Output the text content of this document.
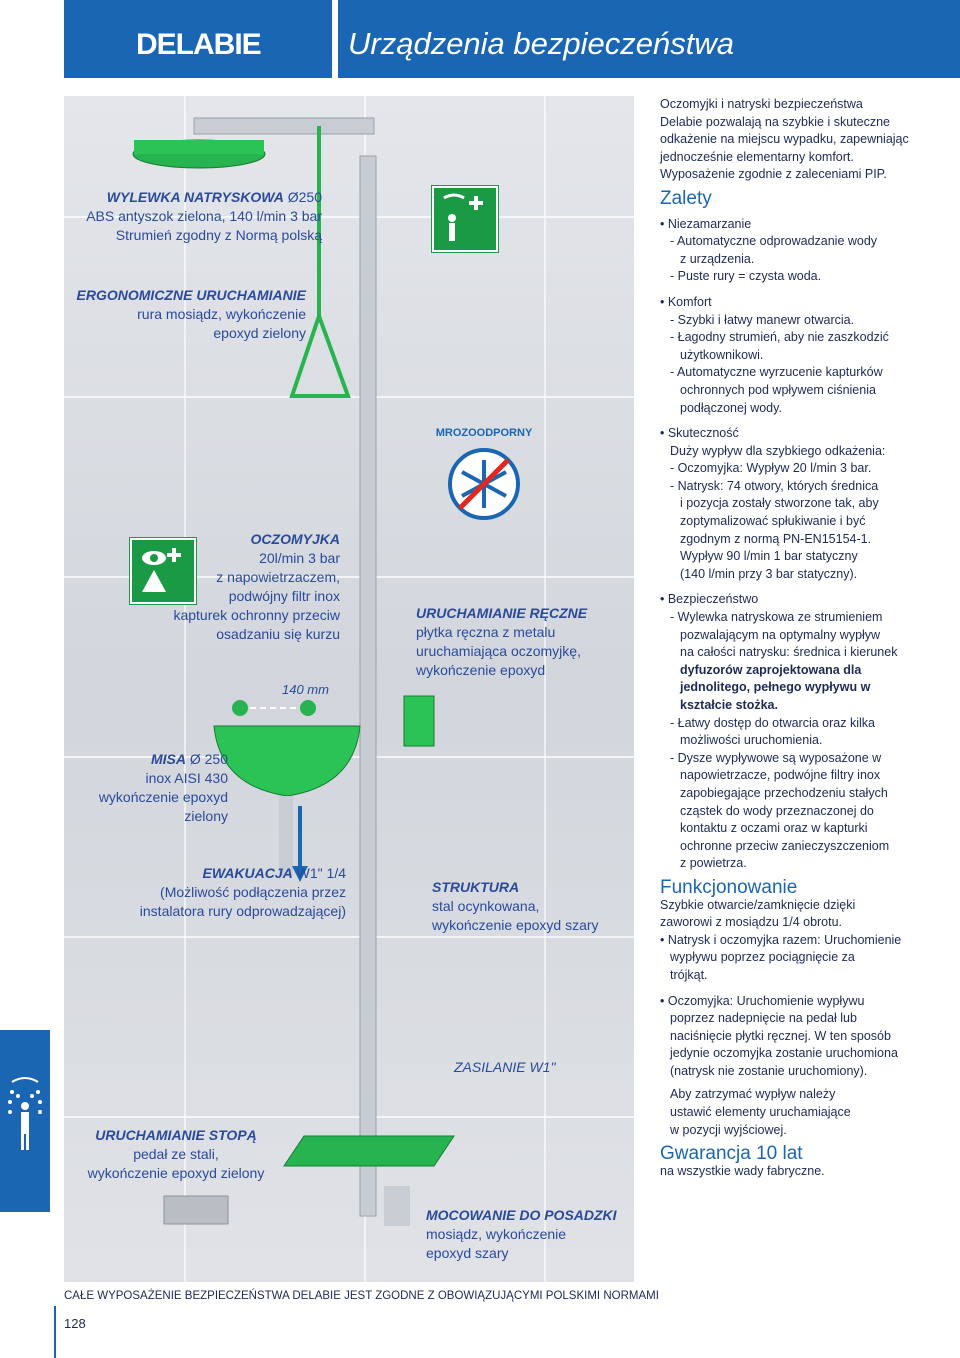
DELABIE	Urządzenia bezpieczeństwa
MROZOODPORNY
WYLEWKA NATRYSKOWA Ø250
ABS antyszok zielona, 140 l/min 3 bar
Strumień zgodny z Normą polską
ERGONOMICZNE URUCHAMIANIE
rura mosiądz, wykończenie
epoxyd zielony
OCZOMYJKA
20l/min 3 bar
z napowietrzaczem,
podwójny filtr inox
kapturek ochronny przeciw
osadzaniu się kurzu
140 mm
MISA Ø 250
inox AISI 430
wykończenie epoxyd
zielony
EWAKUACJA W1" 1/4
(Możliwość podłączenia przez
instalatora rury odprowadzającej)
URUCHAMIANIE STOPĄ
pedał ze stali,
wykończenie epoxyd zielony
URUCHAMIANIE RĘCZNE
płytka ręczna z metalu
uruchamiająca oczomyjkę,
wykończenie epoxyd
STRUKTURA
stal ocynkowana,
wykończenie epoxyd szary
ZASILANIE W1"
MOCOWANIE DO POSADZKI
mosiądz, wykończenie
epoxyd szary
Oczomyjki i natryski bezpieczeństwa
Delabie pozwalają na szybkie i skuteczne
odkażenie na miejscu wypadku, zapewniając
jednocześnie elementarny komfort.
Wyposażenie zgodnie z zaleceniami PIP.
Zalety
• Niezamarzanie
- Automatyczne odprowadzanie wody
z urządzenia.
- Puste rury = czysta woda.
• Komfort
- Szybki i łatwy manewr otwarcia.
- Łagodny strumień, aby nie zaszkodzić
użytkownikowi.
- Automatyczne wyrzucenie kapturków
ochronnych pod wpływem ciśnienia
podłączonej wody.
• Skuteczność
Duży wypływ dla szybkiego odkażenia:
- Oczomyjka: Wypływ 20 l/min 3 bar.
- Natrysk: 74 otwory, których średnica
i pozycja zostały stworzone tak, aby
zoptymalizować spłukiwanie i być
zgodnym z normą PN-EN15154-1.
Wypływ 90 l/min 1 bar statyczny
(140 l/min przy 3 bar statyczny).
• Bezpieczeństwo
- Wylewka natryskowa ze strumieniem
pozwalającym na optymalny wypływ
na całości natrysku: średnica i kierunek
dyfuzorów zaprojektowana dla
jednolitego, pełnego wypływu w
kształcie stożka.
- Łatwy dostęp do otwarcia oraz kilka
możliwości uruchomienia.
- Dysze wypływowe są wyposażone w
napowietrzacze, podwójne filtry inox
zapobiegające przechodzeniu stałych
cząstek do wody przeznaczonej do
kontaktu z oczami oraz w kapturki
ochronne przeciw zanieczyszczeniom
z powietrza.
Funkcjonowanie
Szybkie otwarcie/zamknięcie dzięki
zaworowi z mosiądzu 1/4 obrotu.
• Natrysk i oczomyjka razem: Uruchomienie
wypływu poprzez pociągnięcie za
trójkąt.
• Oczomyjka: Uruchomienie wypływu
poprzez nadepnięcie na pedał lub
naciśnięcie płytki ręcznej. W ten sposób
jedynie oczomyjka zostanie uruchomiona
(natrysk nie zostanie uruchomiony).
Aby zatrzymać wypływ należy
ustawić elementy uruchamiające
w pozycji wyjściowej.
Gwarancja 10 lat
na wszystkie wady fabryczne.
CAŁE WYPOSAŻENIE BEZPIECZEŃSTWA DELABIE JEST ZGODNE Z OBOWIĄZUJĄCYMI POLSKIMI NORMAMI
128
